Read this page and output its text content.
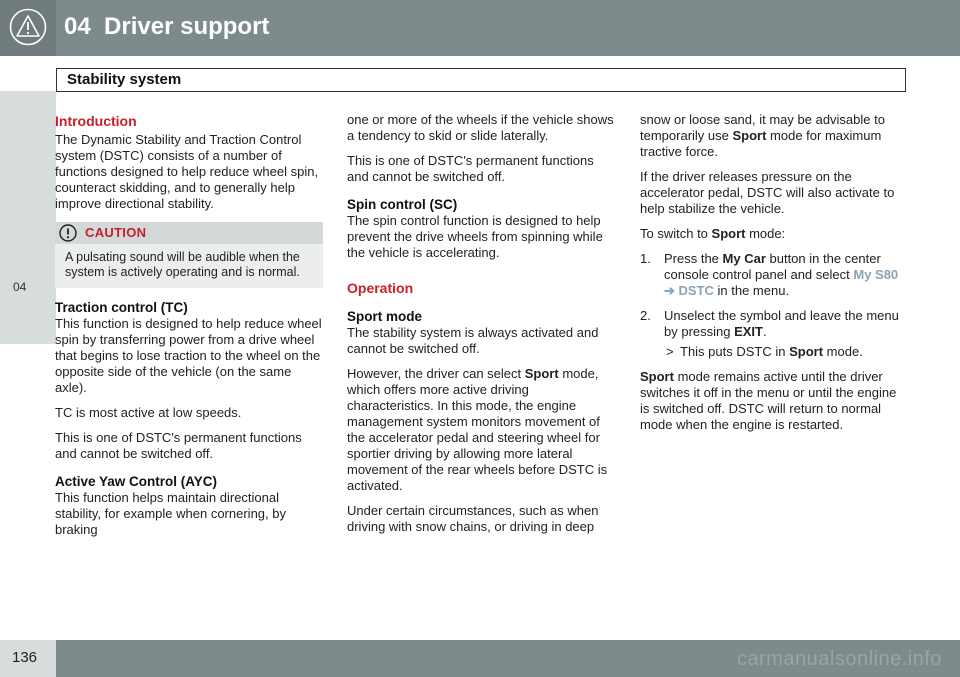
04 Driver support
Stability system
04
Introduction

The Dynamic Stability and Traction Control system (DSTC) consists of a number of functions designed to help reduce wheel spin, counteract skidding, and to generally help improve directional stability.

CAUTION
A pulsating sound will be audible when the system is actively operating and is normal.
Traction control (TC)

This function is designed to help reduce wheel spin by transferring power from a drive wheel that begins to lose traction to the wheel on the opposite side of the vehicle (on the same axle).

TC is most active at low speeds.

This is one of DSTC's permanent functions and cannot be switched off.

Active Yaw Control (AYC)

This function helps maintain directional stability, for example when cornering, by braking

one or more of the wheels if the vehicle shows a tendency to skid or slide laterally.

This is one of DSTC's permanent functions and cannot be switched off.

Spin control (SC)

The spin control function is designed to help prevent the drive wheels from spinning while the vehicle is accelerating.

Operation
Sport mode

The stability system is always activated and cannot be switched off.

However, the driver can select Sport mode, which offers more active driving characteristics. In this mode, the engine management system monitors movement of the accelerator pedal and steering wheel for sportier driving by allowing more lateral movement of the rear wheels before DSTC is activated.

Under certain circumstances, such as when driving with snow chains, or driving in deep

snow or loose sand, it may be advisable to temporarily use Sport mode for maximum tractive force.

If the driver releases pressure on the accelerator pedal, DSTC will also activate to help stabilize the vehicle.

To switch to Sport mode:

1. Press the My Car button in the center console control panel and select My S80
➔ DSTC in the menu.
2. Unselect the symbol and leave the menu by pressing EXIT.
> This puts DSTC in Sport mode.

Sport mode remains active until the driver switches it off in the menu or until the engine is switched off. DSTC will return to normal mode when the engine is restarted.

136	carmanualsonline.info
